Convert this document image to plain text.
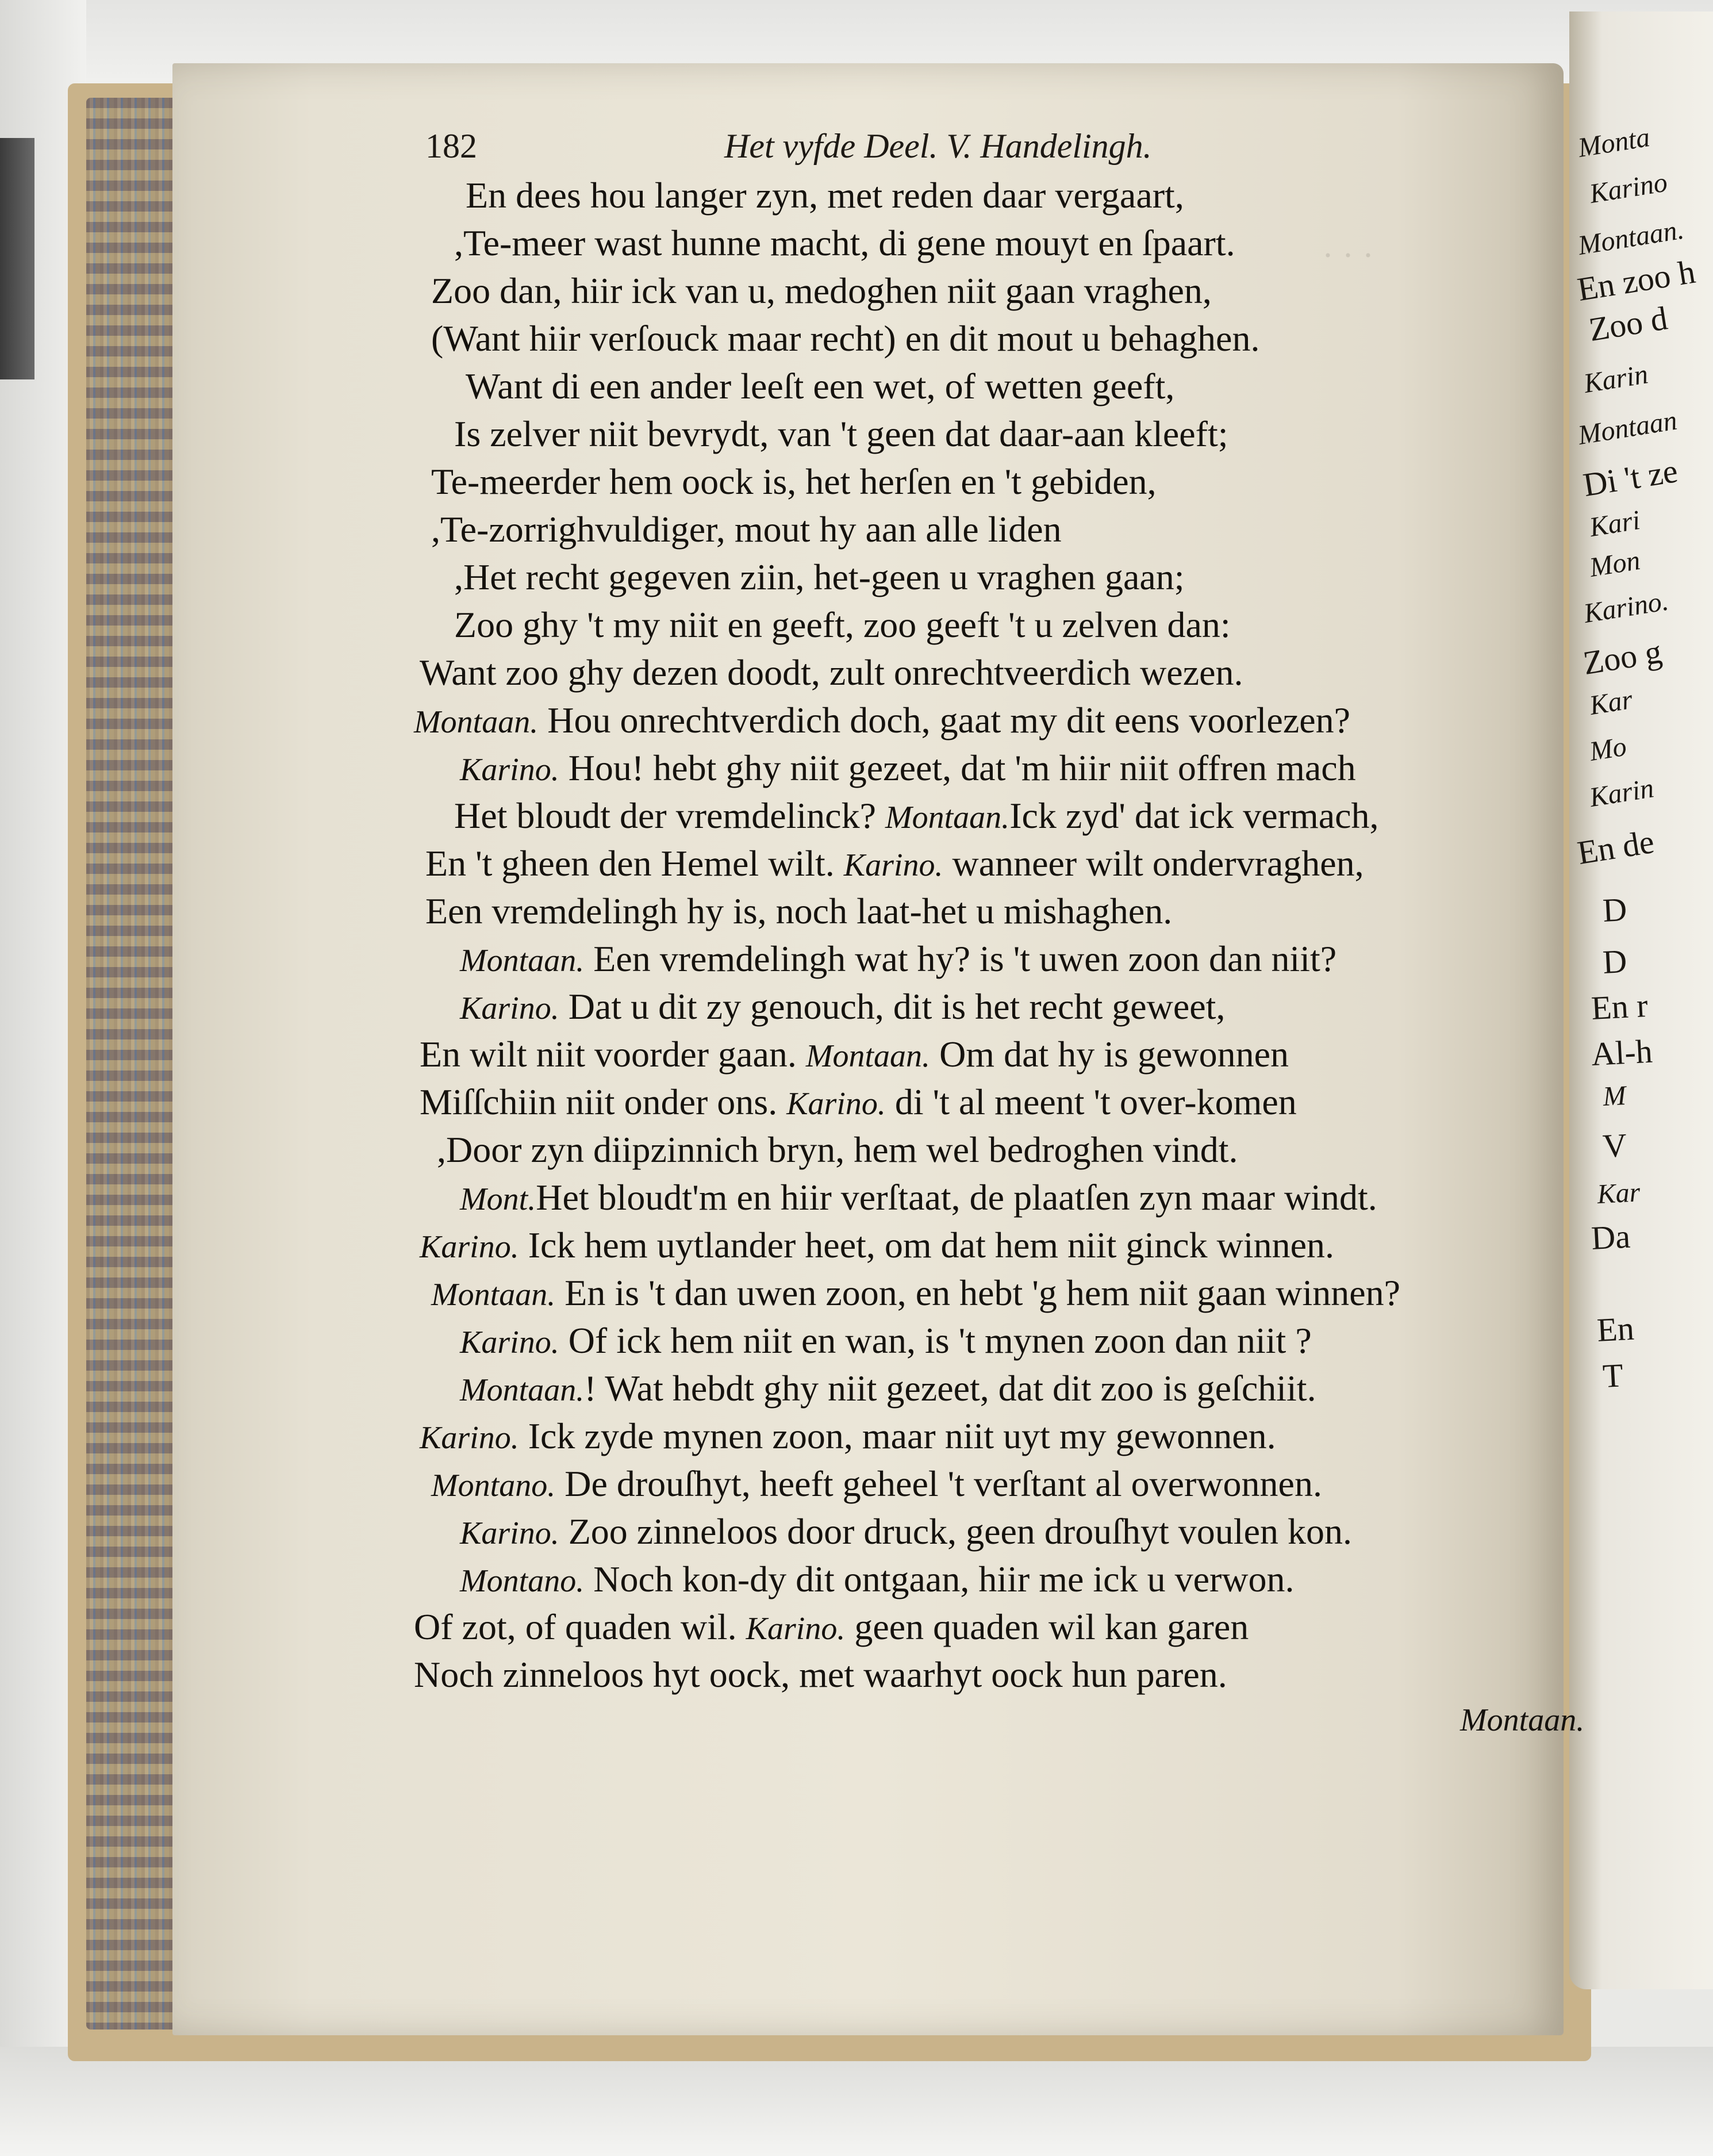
· · ·
Monta
Karino
Montaan.
En zoo h
Zoo d
Karin
Montaan
Di 't ze
Kari
Mon
Karino.
Zoo g
Kar
Mo
Karin
En de
D
D
En r
Al-h
M
V
Kar
Da
En
T
182	Het vyfde Deel. V. Handelingh.
En dees hou langer zyn, met reden daar vergaart,
,Te-meer wast hunne macht, di gene mouyt en ſpaart.
Zoo dan, hiir ick van u, medoghen niit gaan vraghen,
(Want hiir verſouck maar recht) en dit mout u behaghen.
Want di een ander leeſt een wet, of wetten geeft,
Is zelver niit bevrydt, van 't geen dat daar-aan kleeft;
Te-meerder hem oock is, het herſen en 't gebiden,
,Te-zorrighvuldiger, mout hy aan alle liden
,Het recht gegeven ziin, het-geen u vraghen gaan;
Zoo ghy 't my niit en geeft, zoo geeft 't u zelven dan:
Want zoo ghy dezen doodt, zult onrechtveerdich wezen.
Montaan. Hou onrechtverdich doch, gaat my dit eens voorlezen?
Karino. Hou! hebt ghy niit gezeet, dat 'm hiir niit offren mach
Het bloudt der vremdelinck? Montaan.Ick zyd' dat ick vermach,
En 't gheen den Hemel wilt. Karino. wanneer wilt ondervraghen,
Een vremdelingh hy is, noch laat-het u mishaghen.
Montaan. Een vremdelingh wat hy? is 't uwen zoon dan niit?
Karino. Dat u dit zy genouch, dit is het recht geweet,
En wilt niit voorder gaan. Montaan. Om dat hy is gewonnen
Miſſchiin niit onder ons. Karino. di 't al meent 't over-komen
,Door zyn diipzinnich bryn, hem wel bedroghen vindt.
Mont.Het bloudt'm en hiir verſtaat, de plaatſen zyn maar windt.
Karino. Ick hem uytlander heet, om dat hem niit ginck winnen.
Montaan. En is 't dan uwen zoon, en hebt 'g hem niit gaan winnen?
Karino. Of ick hem niit en wan, is 't mynen zoon dan niit ?
Montaan.! Wat hebdt ghy niit gezeet, dat dit zoo is geſchiit.
Karino. Ick zyde mynen zoon, maar niit uyt my gewonnen.
Montano. De drouſhyt, heeft geheel 't verſtant al overwonnen.
Karino. Zoo zinneloos door druck, geen drouſhyt voulen kon.
Montano. Noch kon-dy dit ontgaan, hiir me ick u verwon.
Of zot, of quaden wil. Karino. geen quaden wil kan garen
Noch zinneloos hyt oock, met waarhyt oock hun paren.
Montaan.
